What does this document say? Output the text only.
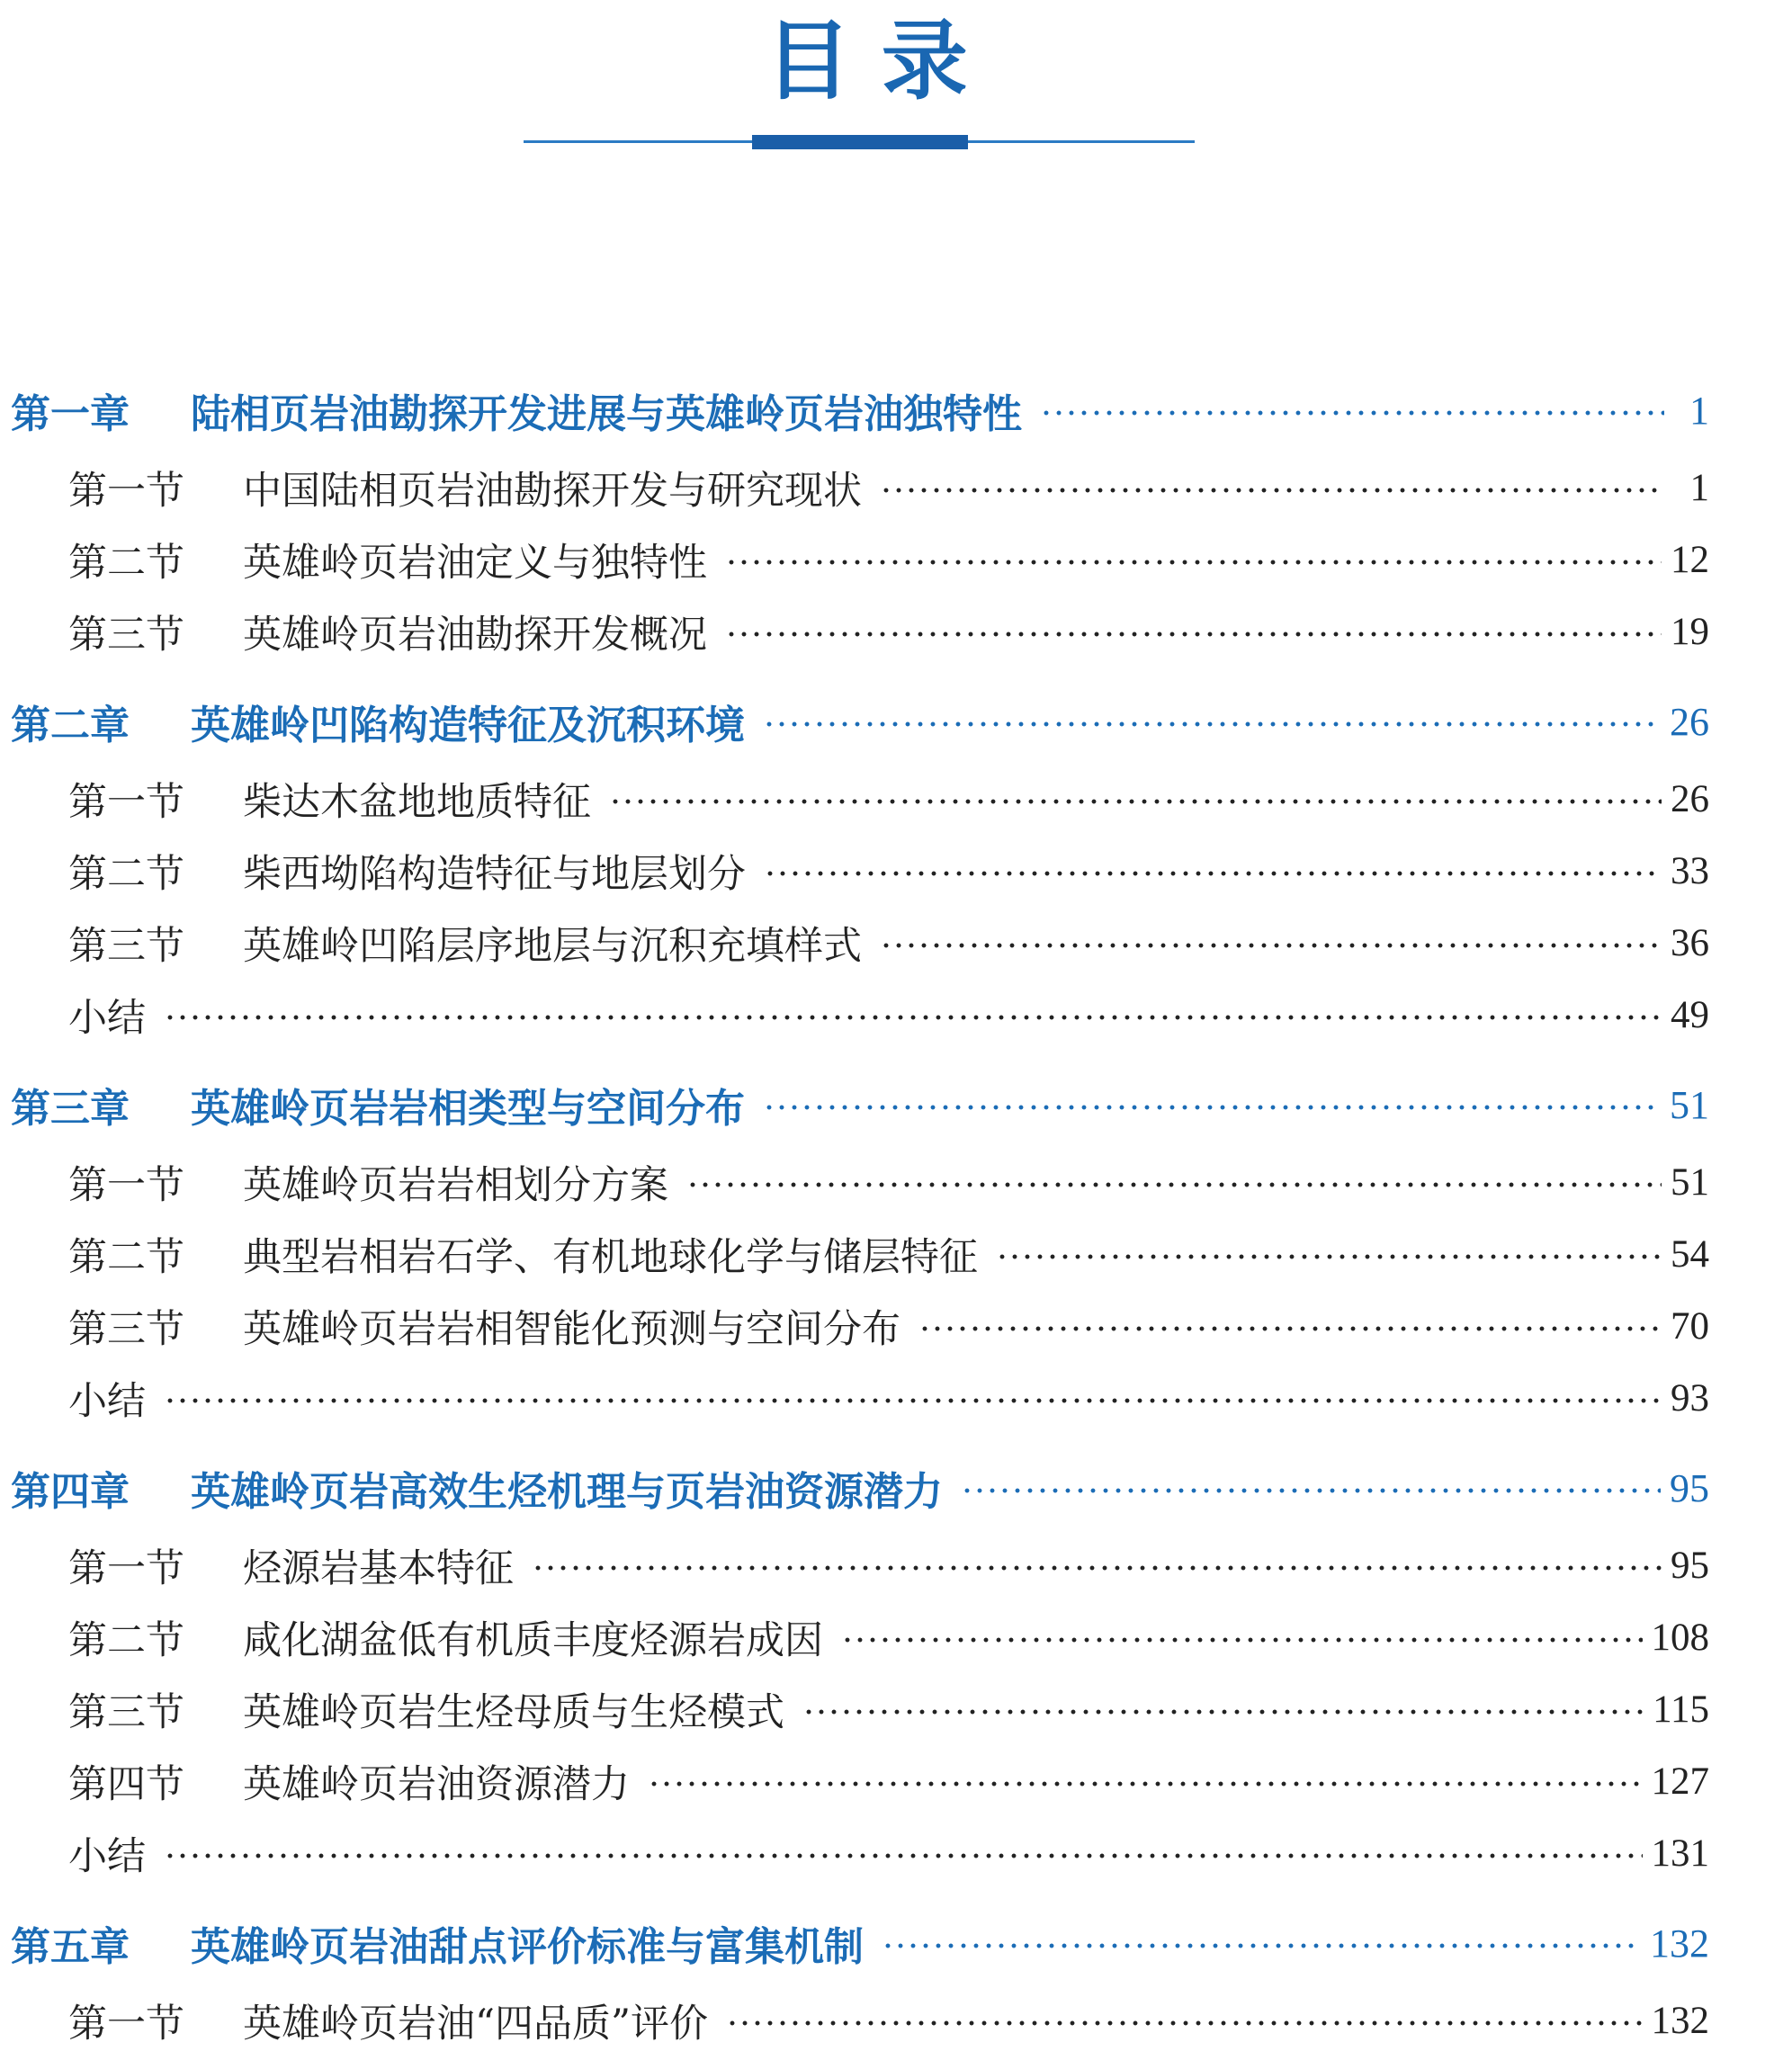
目 录
第一章	陆相页岩油勘探开发进展与英雄岭页岩油独特性	1
第一节	中国陆相页岩油勘探开发与研究现状	1
第二节	英雄岭页岩油定义与独特性	12
第三节	英雄岭页岩油勘探开发概况	19
第二章	英雄岭凹陷构造特征及沉积环境	26
第一节	柴达木盆地地质特征	26
第二节	柴西坳陷构造特征与地层划分	33
第三节	英雄岭凹陷层序地层与沉积充填样式	36
小结	49
第三章	英雄岭页岩岩相类型与空间分布	51
第一节	英雄岭页岩岩相划分方案	51
第二节	典型岩相岩石学、有机地球化学与储层特征	54
第三节	英雄岭页岩岩相智能化预测与空间分布	70
小结	93
第四章	英雄岭页岩高效生烃机理与页岩油资源潜力	95
第一节	烃源岩基本特征	95
第二节	咸化湖盆低有机质丰度烃源岩成因	108
第三节	英雄岭页岩生烃母质与生烃模式	115
第四节	英雄岭页岩油资源潜力	127
小结	131
第五章	英雄岭页岩油甜点评价标准与富集机制	132
第一节	英雄岭页岩油“四品质”评价	132
